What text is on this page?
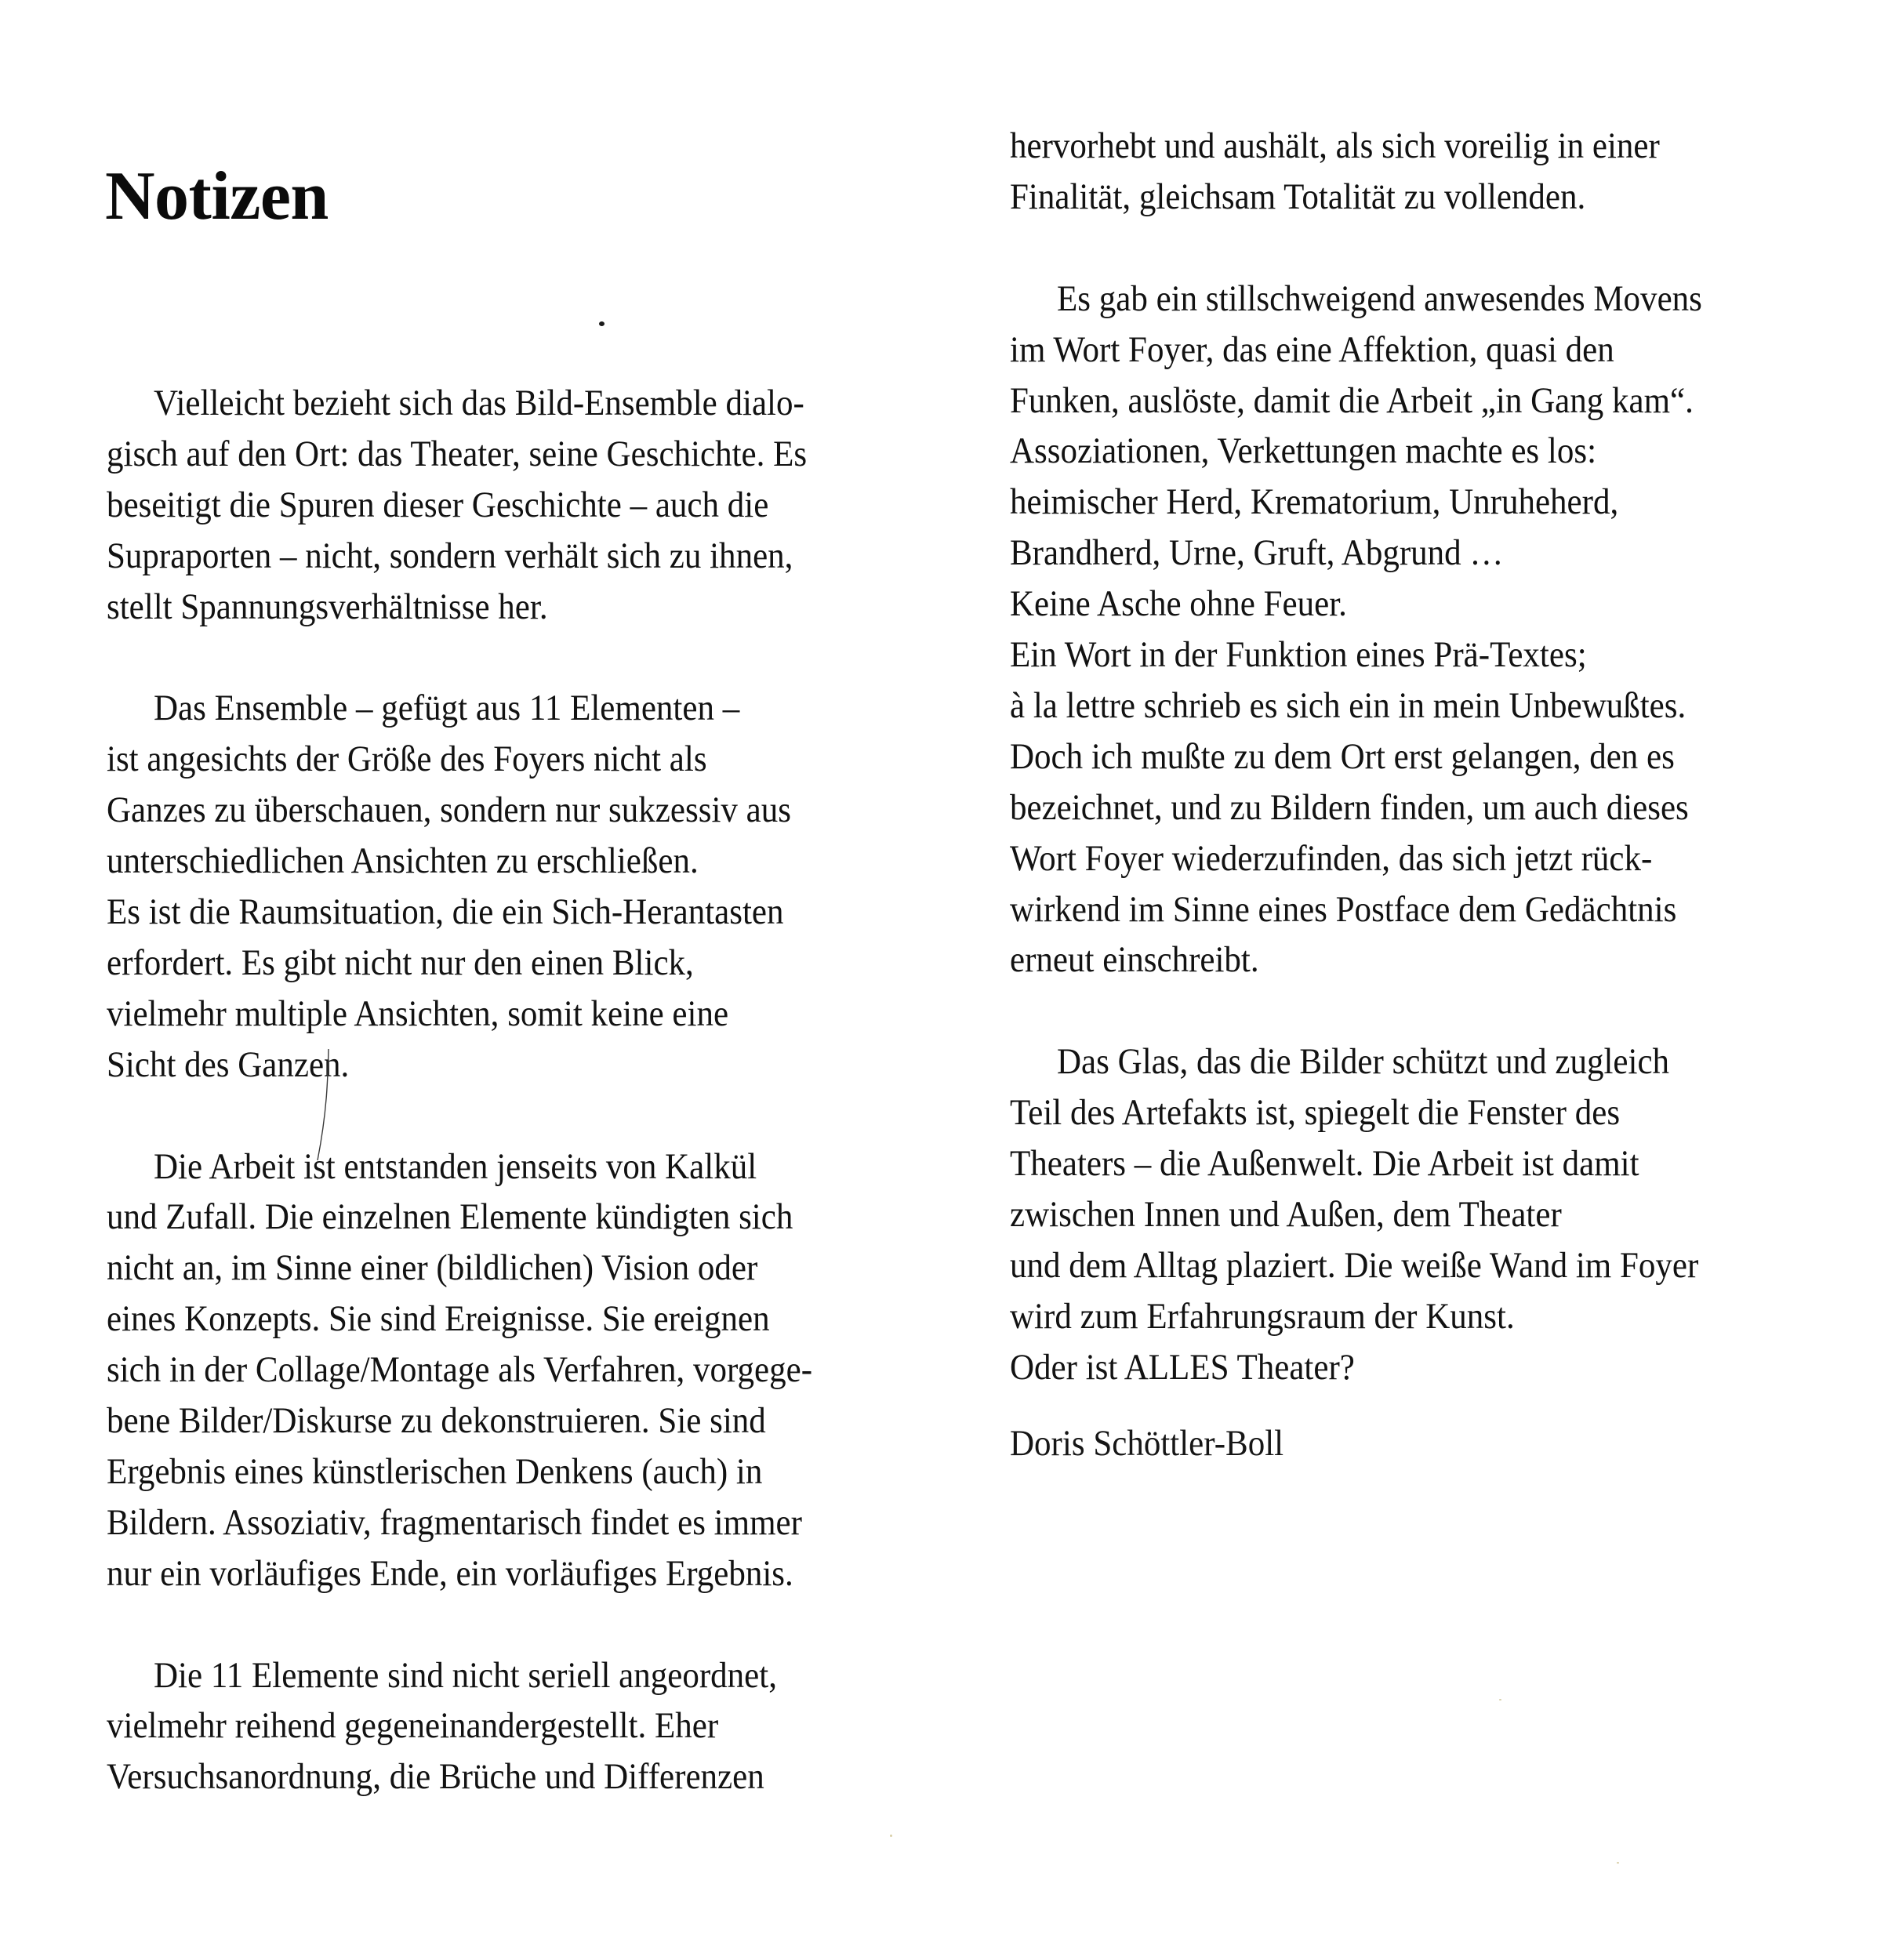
Notizen
Vielleicht bezieht sich das Bild-Ensemble dialo-
gisch auf den Ort: das Theater, seine Geschichte. Es
beseitigt die Spuren dieser Geschichte – auch die
Supraporten – nicht, sondern verhält sich zu ihnen,
stellt Spannungsverhältnisse her.
Das Ensemble – gefügt aus 11 Elementen –
ist angesichts der Größe des Foyers nicht als
Ganzes zu überschauen, sondern nur sukzessiv aus
unterschiedlichen Ansichten zu erschließen.
Es ist die Raumsituation, die ein Sich-Herantasten
erfordert. Es gibt nicht nur den einen Blick,
vielmehr multiple Ansichten, somit keine eine
Sicht des Ganzen.
Die Arbeit ist entstanden jenseits von Kalkül
und Zufall. Die einzelnen Elemente kündigten sich
nicht an, im Sinne einer (bildlichen) Vision oder
eines Konzepts. Sie sind Ereignisse. Sie ereignen
sich in der Collage/Montage als Verfahren, vorgege-
bene Bilder/Diskurse zu dekonstruieren. Sie sind
Ergebnis eines künstlerischen Denkens (auch) in
Bildern. Assoziativ, fragmentarisch findet es immer
nur ein vorläufiges Ende, ein vorläufiges Ergebnis.
Die 11 Elemente sind nicht seriell angeordnet,
vielmehr reihend gegeneinandergestellt. Eher
Versuchsanordnung, die Brüche und Differenzen
hervorhebt und aushält, als sich voreilig in einer
Finalität, gleichsam Totalität zu vollenden.
Es gab ein stillschweigend anwesendes Movens
im Wort Foyer, das eine Affektion, quasi den
Funken, auslöste, damit die Arbeit „in Gang kam“.
Assoziationen, Verkettungen machte es los:
heimischer Herd, Krematorium, Unruheherd,
Brandherd, Urne, Gruft, Abgrund …
Keine Asche ohne Feuer.
Ein Wort in der Funktion eines Prä-Textes;
à la lettre schrieb es sich ein in mein Unbewußtes.
Doch ich mußte zu dem Ort erst gelangen, den es
bezeichnet, und zu Bildern finden, um auch dieses
Wort Foyer wiederzufinden, das sich jetzt rück-
wirkend im Sinne eines Postface dem Gedächtnis
erneut einschreibt.
Das Glas, das die Bilder schützt und zugleich
Teil des Artefakts ist, spiegelt die Fenster des
Theaters – die Außenwelt. Die Arbeit ist damit
zwischen Innen und Außen, dem Theater
und dem Alltag plaziert. Die weiße Wand im Foyer
wird zum Erfahrungsraum der Kunst.
Oder ist ALLES Theater?
Doris Schöttler-Boll
